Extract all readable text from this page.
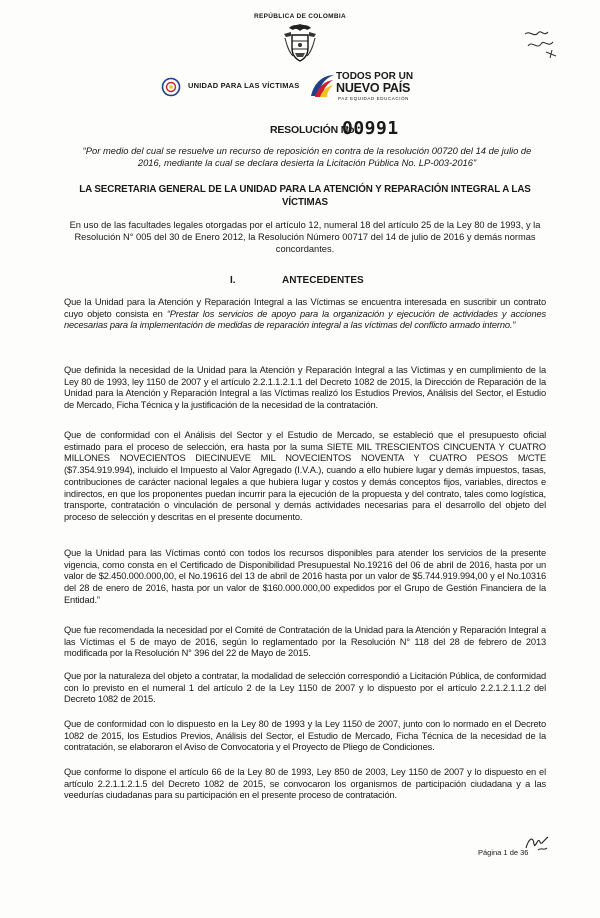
REPÚBLICA DE COLOMBIA
UNIDAD PARA LAS VÍCTIMAS
TODOS POR UN
NUEVO PAÍS
PAZ EQUIDAD EDUCACIÓN
RESOLUCIÓN No.
00991
“Por medio del cual se resuelve un recurso de reposición en contra de la resolución 00720 del 14 de julio de 2016, mediante la cual se declara desierta la Licitación Pública No. LP-003-2016”
LA SECRETARIA GENERAL DE LA UNIDAD PARA LA ATENCIÓN Y REPARACIÓN INTEGRAL A LAS VÍCTIMAS
En uso de las facultades legales otorgadas por el artículo 12, numeral 18 del artículo 25 de la Ley 80 de 1993, y la Resolución N° 005 del 30 de Enero 2012, la Resolución Número 00717 del 14 de julio de 2016 y demás normas concordantes.
I.	ANTECEDENTES
Que la Unidad para la Atención y Reparación Integral a las Víctimas se encuentra interesada en suscribir un contrato cuyo objeto consista en “Prestar los servicios de apoyo para la organización y ejecución de actividades y acciones necesarias para la implementación de medidas de reparación integral a las víctimas del conflicto armado interno.”
Que definida la necesidad de la Unidad para la Atención y Reparación Integral a las Víctimas y en cumplimiento de la Ley 80 de 1993, ley 1150 de 2007 y el artículo 2.2.1.1.2.1.1 del Decreto 1082 de 2015, la Dirección de Reparación de la Unidad para la Atención y Reparación Integral a las Víctimas realizó los Estudios Previos, Análisis del Sector, el Estudio de Mercado, Ficha Técnica y la justificación de la necesidad de la contratación.
Que de conformidad con el Análisis del Sector y el Estudio de Mercado, se estableció que el presupuesto oficial estimado para el proceso de selección, era hasta por la suma SIETE MIL TRESCIENTOS CINCUENTA Y CUATRO MILLONES NOVECIENTOS DIECINUEVE MIL NOVECIENTOS NOVENTA Y CUATRO PESOS M/CTE ($7.354.919.994), incluido el Impuesto al Valor Agregado (I.V.A.), cuando a ello hubiere lugar y demás impuestos, tasas, contribuciones de carácter nacional legales a que hubiera lugar y costos y demás conceptos fijos, variables, directos e indirectos, en que los proponentes puedan incurrir para la ejecución de la propuesta y del contrato, tales como logística, transporte, contratación o vinculación de personal y demás actividades necesarias para el desarrollo del objeto del proceso de selección y descritas en el presente documento.
Que la Unidad para las Víctimas contó con todos los recursos disponibles para atender los servicios de la presente vigencia, como consta en el Certificado de Disponibilidad Presupuestal No.19216 del 06 de abril de 2016, hasta por un valor de $2.450.000.000,00, el No.19616 del 13 de abril de 2016 hasta por un valor de $5.744.919.994,00 y el No.10316 del 28 de enero de 2016, hasta por un valor de $160.000.000,00 expedidos por el Grupo de Gestión Financiera de la Entidad.”
Que fue recomendada la necesidad por el Comité de Contratación de la Unidad para la Atención y Reparación Integral a las Víctimas el 5 de mayo de 2016, según lo reglamentado por la Resolución N° 118 del 28 de febrero de 2013 modificada por la Resolución N° 396 del 22 de Mayo de 2015.
Que por la naturaleza del objeto a contratar, la modalidad de selección correspondió a Licitación Pública, de conformidad con lo previsto en el numeral 1 del artículo 2 de la Ley 1150 de 2007 y lo dispuesto por el artículo 2.2.1.2.1.1.2 del Decreto 1082 de 2015.
Que de conformidad con lo dispuesto en la Ley 80 de 1993 y la Ley 1150 de 2007, junto con lo normado en el Decreto 1082 de 2015, los Estudios Previos, Análisis del Sector, el Estudio de Mercado, Ficha Técnica de la necesidad de la contratación, se elaboraron el Aviso de Convocatoria y el Proyecto de Pliego de Condiciones.
Que conforme lo dispone el artículo 66 de la Ley 80 de 1993, Ley 850 de 2003, Ley 1150 de 2007 y lo dispuesto en el artículo 2.2.1.1.2.1.5 del Decreto 1082 de 2015, se convocaron los organismos de participación ciudadana y a las veedurías ciudadanas para su participación en el presente proceso de contratación.
Página 1 de 36
